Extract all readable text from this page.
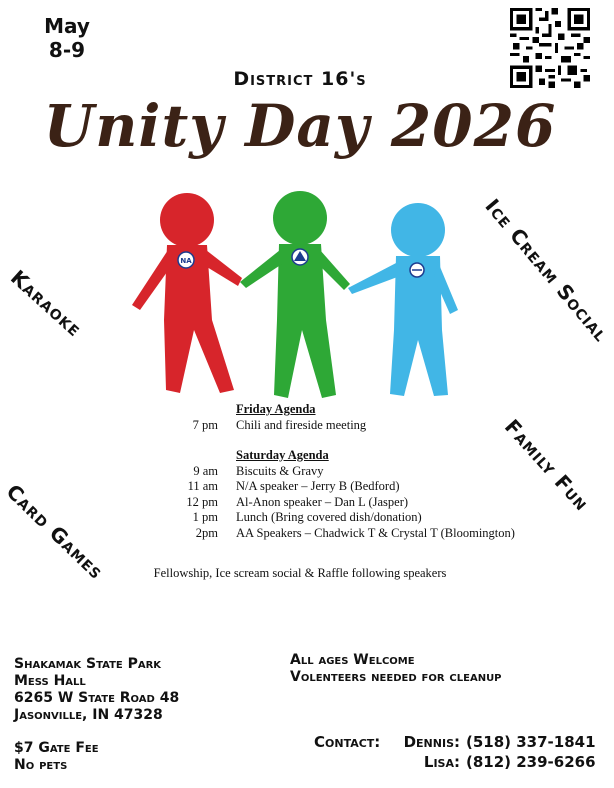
May
8-9
District 16's
Unity Day 2026
NA
Karaoke
Ice Cream Social
Card Games
Family Fun
Friday Agenda
7 pm Chili and fireside meeting
Saturday Agenda
9 am Biscuits & Gravy
11 am N/A speaker – Jerry B (Bedford)
12 pm Al-Anon speaker – Dan L (Jasper)
1 pm Lunch (Bring covered dish/donation)
2pm AA Speakers – Chadwick T & Crystal T (Bloomington)
Fellowship, Ice scream social & Raffle following speakers
Shakamak State Park
Mess Hall
6265 W State Road 48
Jasonville, IN 47328
$7 Gate Fee
No pets
All ages Welcome
Volenteers needed for cleanup
Contact:	Dennis: (518) 337-1841
Lisa: (812) 239-6266
